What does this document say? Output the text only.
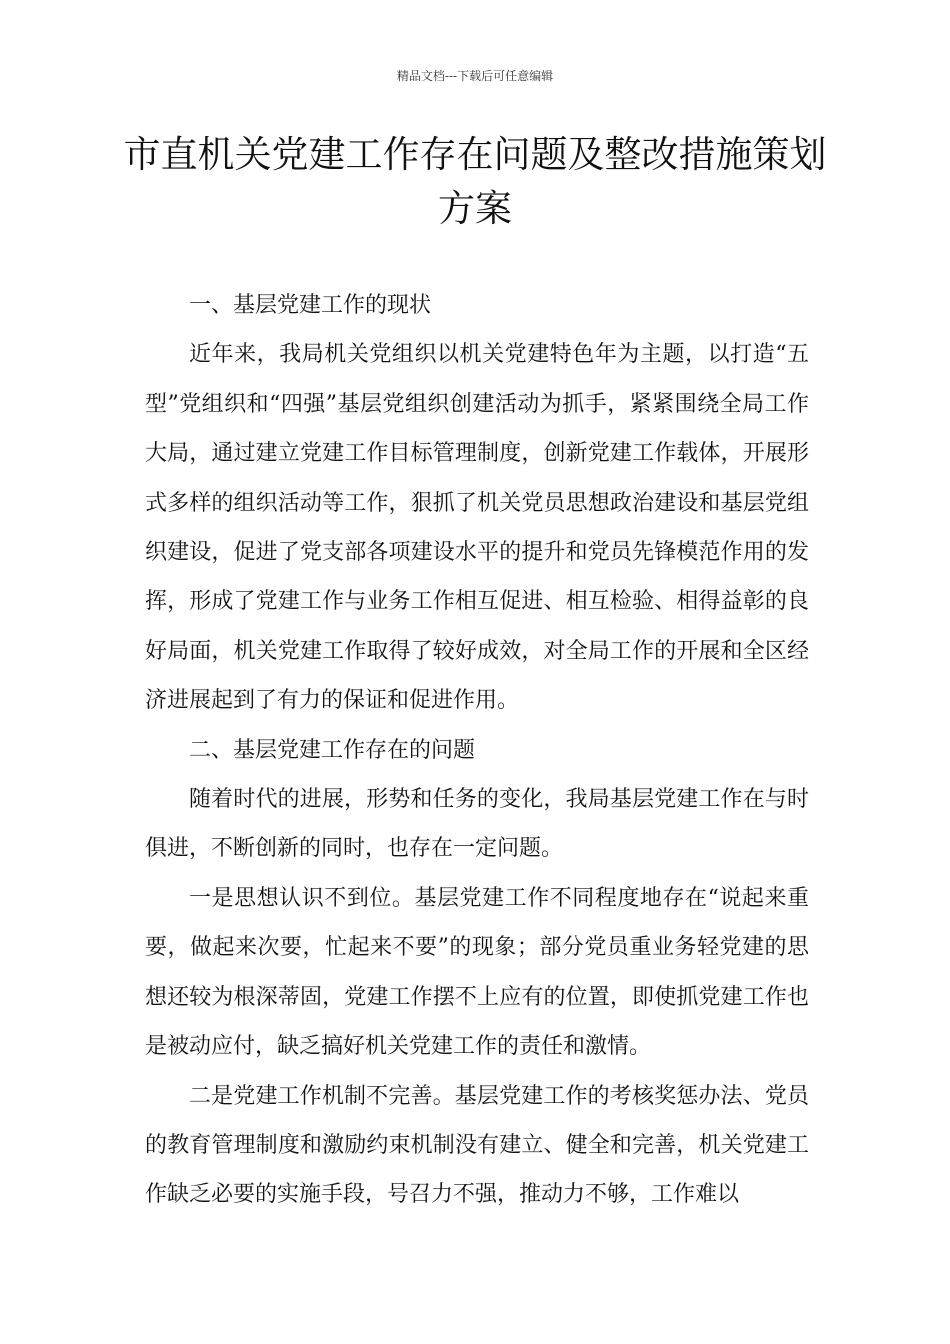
精品文档---下载后可任意编辑
市直机关党建工作存在问题及整改措施策划方案

一、基层党建工作的现状

近年来，我局机关党组织以机关党建特色年为主题，以打造“五型”党组织和“四强”基层党组织创建活动为抓手，紧紧围绕全局工作大局，通过建立党建工作目标管理制度，创新党建工作载体，开展形式多样的组织活动等工作，狠抓了机关党员思想政治建设和基层党组织建设，促进了党支部各项建设水平的提升和党员先锋模范作用的发挥，形成了党建工作与业务工作相互促进、相互检验、相得益彰的良好局面，机关党建工作取得了较好成效，对全局工作的开展和全区经济进展起到了有力的保证和促进作用。

二、基层党建工作存在的问题

随着时代的进展，形势和任务的变化，我局基层党建工作在与时俱进，不断创新的同时，也存在一定问题。

一是思想认识不到位。基层党建工作不同程度地存在“说起来重要，做起来次要，忙起来不要”的现象；部分党员重业务轻党建的思想还较为根深蒂固，党建工作摆不上应有的位置，即使抓党建工作也是被动应付，缺乏搞好机关党建工作的责任和激情。

二是党建工作机制不完善。基层党建工作的考核奖惩办法、党员的教育管理制度和激励约束机制没有建立、健全和完善，机关党建工作缺乏必要的实施手段，号召力不强，推动力不够，工作难以
